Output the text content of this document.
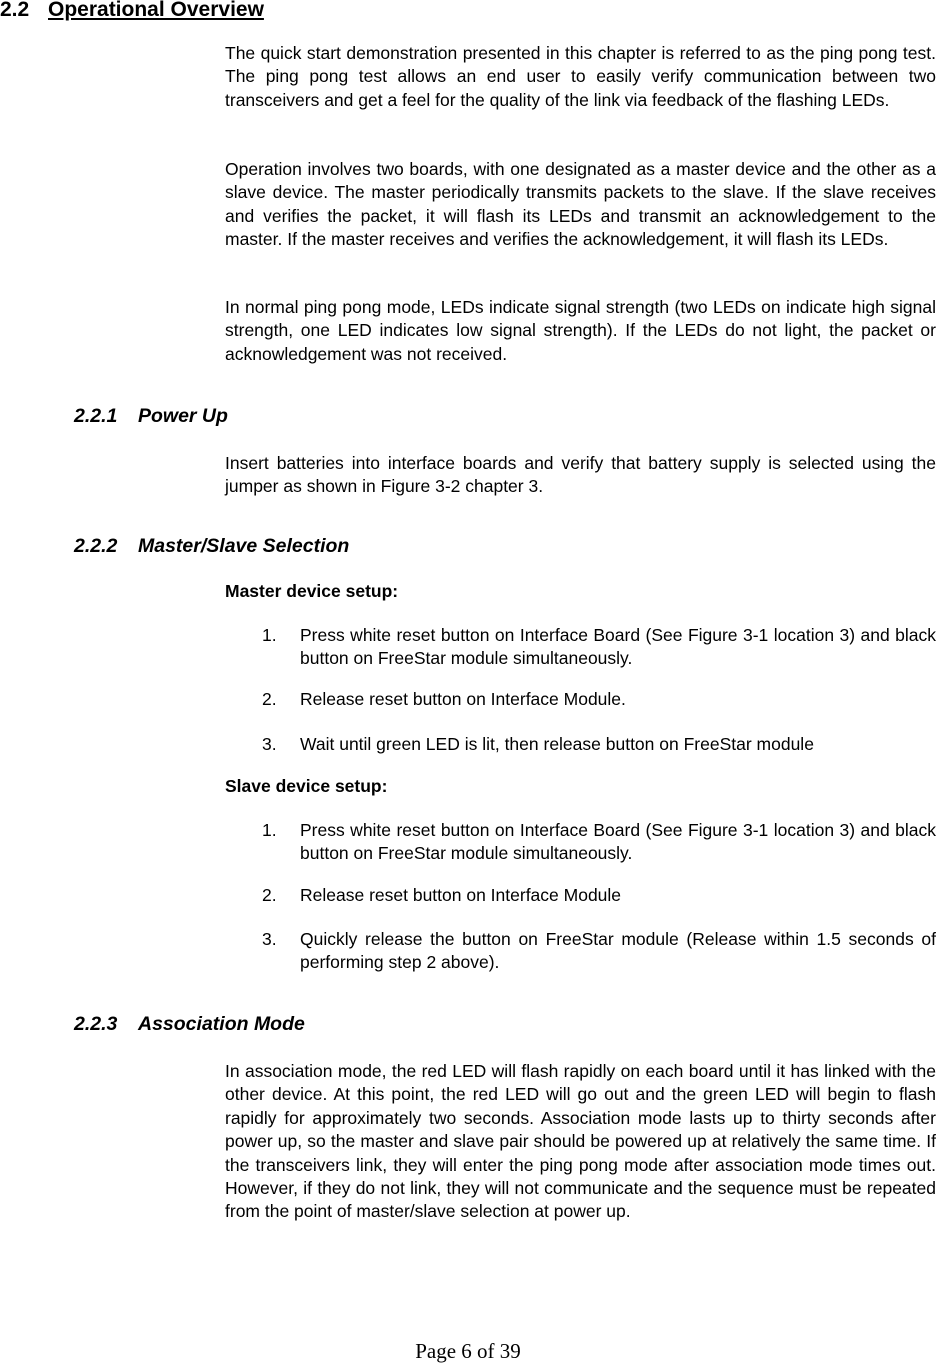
2.2 Operational Overview

The quick start demonstration presented in this chapter is referred to as the ping pong test. The ping pong test allows an end user to easily verify communication between two transceivers and get a feel for the quality of the link via feedback of the flashing LEDs.

Operation involves two boards, with one designated as a master device and the other as a slave device. The master periodically transmits packets to the slave. If the slave receives and verifies the packet, it will flash its LEDs and transmit an acknowledgement to the master. If the master receives and verifies the acknowledgement, it will flash its LEDs.

In normal ping pong mode, LEDs indicate signal strength (two LEDs on indicate high signal strength, one LED indicates low signal strength). If the LEDs do not light, the packet or acknowledgement was not received.

2.2.1 Power Up

Insert batteries into interface boards and verify that battery supply is selected using the jumper as shown in Figure 3-2 chapter 3.

2.2.2 Master/Slave Selection

Master device setup:

1. Press white reset button on Interface Board (See Figure 3-1 location 3) and black button on FreeStar module simultaneously.
2. Release reset button on Interface Module.
3. Wait until green LED is lit, then release button on FreeStar module

Slave device setup:

1. Press white reset button on Interface Board (See Figure 3-1 location 3) and black button on FreeStar module simultaneously.
2. Release reset button on Interface Module
3. Quickly release the button on FreeStar module (Release within 1.5 seconds of performing step 2 above).
2.2.3 Association Mode

In association mode, the red LED will flash rapidly on each board until it has linked with the other device. At this point, the red LED will go out and the green LED will begin to flash rapidly for approximately two seconds. Association mode lasts up to thirty seconds after power up, so the master and slave pair should be powered up at relatively the same time. If the transceivers link, they will enter the ping pong mode after association mode times out. However, if they do not link, they will not communicate and the sequence must be repeated from the point of master/slave selection at power up.

Page 6 of 39
